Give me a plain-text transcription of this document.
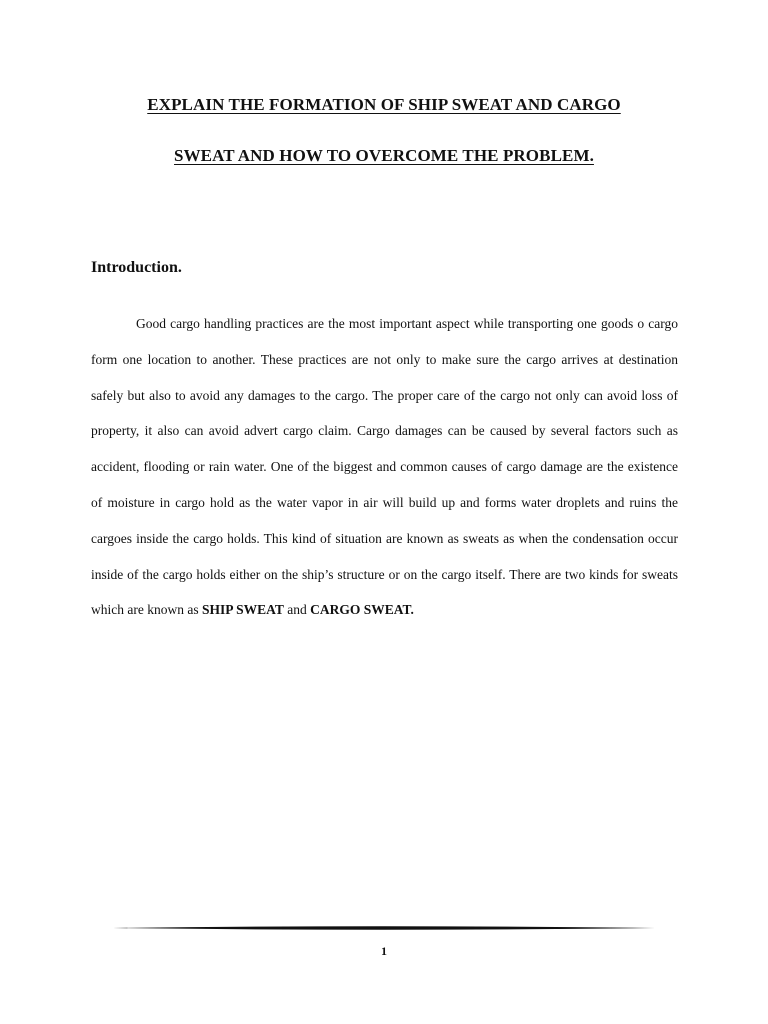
EXPLAIN THE FORMATION OF SHIP SWEAT AND CARGO
SWEAT AND HOW TO OVERCOME THE PROBLEM.
Introduction.

Good cargo handling practices are the most important aspect while transporting one goods o cargo form one location to another. These practices are not only to make sure the cargo arrives at destination safely but also to avoid any damages to the cargo. The proper care of the cargo not only can avoid loss of property, it also can avoid advert cargo claim. Cargo damages can be caused by several factors such as accident, flooding or rain water. One of the biggest and common causes of cargo damage are the existence of moisture in cargo hold as the water vapor in air will build up and forms water droplets and ruins the cargoes inside the cargo holds. This kind of situation are known as sweats as when the condensation occur inside of the cargo holds either on the ship’s structure or on the cargo itself. There are two kinds for sweats which are known as SHIP SWEAT and CARGO SWEAT.

1
